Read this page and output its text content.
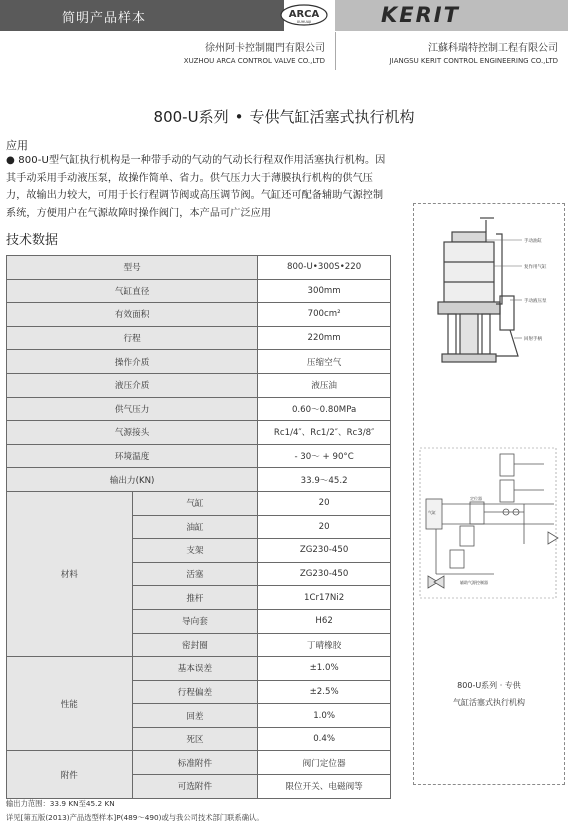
简明产品样本	ARCA
XUHUAJI	KERIT
徐州阿卡控制閥門有限公司
XUZHOU ARCA CONTROL VALVE CO.,LTD
江蘇科瑞特控制工程有限公司
JIANGSU KERIT CONTROL ENGINEERING CO.,LTD
800-U系列 • 专供气缸活塞式执行机构
应用
● 800-U型气缸执行机构是一种带手动的气动的气动长行程双作用活塞执行机构。因其手动采用手动液压泵，故操作简单、省力。供气压力大于薄膜执行机构的供气压力，故输出力较大，可用于长行程调节阀或高压调节阀。气缸还可配备辅助气源控制系统，方便用户在气源故障时操作阀门，本产品可广泛应用
技术数据
型号		800-U•300S•220
气缸直径		300mm
有效面积		700cm²
行程		220mm
操作介质		压缩空气
液压介质		液压油
供气压力		0.60～0.80MPa
气源接头		Rc1/4″、Rc1/2″、Rc3/8″
环境温度		- 30～ + 90°C
输出力(KN)		33.9～45.2
材料	气缸	20
	油缸	20
	支架	ZG230-450
	活塞	ZG230-450
	推杆	1Cr17Ni2
	导向套	H62
	密封圈	丁晴橡胶
性能	基本误差	±1.0%
	行程偏差	±2.5%
	回差	1.0%
	死区	0.4%
附件	标准附件	阀门定位器
	可选附件	限位开关、电磁阀等
手动油缸
复作用气缸
手动液压泵
回射手柄
气缸
定位器
辅助气源控制器
800-U系列 · 专供
气缸活塞式执行机构
输出力范围：33.9 KN至45.2 KN
详见[第五版(2013)产品选型样本]P(489～490)或与我公司技术部门联系确认。
